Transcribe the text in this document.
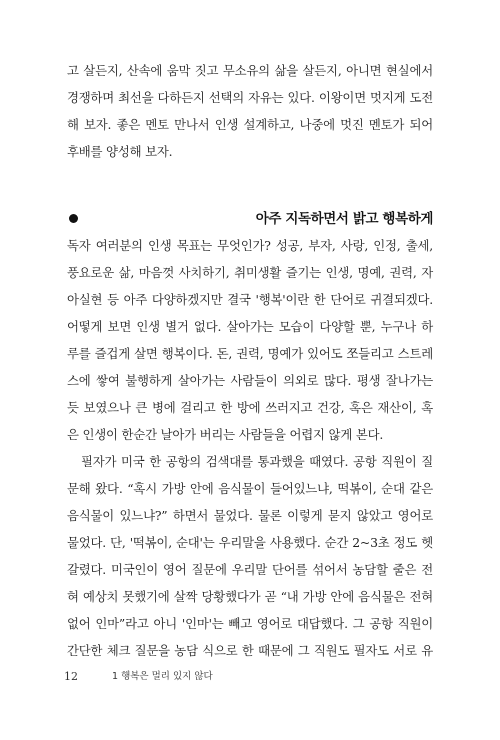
고 살든지, 산속에 움막 짓고 무소유의 삶을 살든지, 아니면 현실에서
경쟁하며 최선을 다하든지 선택의 자유는 있다. 이왕이면 멋지게 도전
해 보자. 좋은 멘토 만나서 인생 설계하고, 나중에 멋진 멘토가 되어
후배를 양성해 보자.
아주 지독하면서 밝고 행복하게
독자 여러분의 인생 목표는 무엇인가? 성공, 부자, 사랑, 인정, 출세,
풍요로운 삶, 마음껏 사치하기, 취미생활 즐기는 인생, 명예, 권력, 자
아실현 등 아주 다양하겠지만 결국 '행복'이란 한 단어로 귀결되겠다.
어떻게 보면 인생 별거 없다. 살아가는 모습이 다양할 뿐, 누구나 하
루를 즐겁게 살면 행복이다. 돈, 권력, 명예가 있어도 쪼들리고 스트레
스에 쌓여 불행하게 살아가는 사람들이 의외로 많다. 평생 잘나가는
듯 보였으나 큰 병에 걸리고 한 방에 쓰러지고 건강, 혹은 재산이, 혹
은 인생이 한순간 날아가 버리는 사람들을 어렵지 않게 본다.
필자가 미국 한 공항의 검색대를 통과했을 때였다. 공항 직원이 질
문해 왔다. “혹시 가방 안에 음식물이 들어있느냐, 떡볶이, 순대 같은
음식물이 있느냐?” 하면서 물었다. 물론 이렇게 묻지 않았고 영어로
물었다. 단, '떡볶이, 순대'는 우리말을 사용했다. 순간 2~3초 정도 헷
갈렸다. 미국인이 영어 질문에 우리말 단어를 섞어서 농담할 줄은 전
혀 예상치 못했기에 살짝 당황했다가 곧 “내 가방 안에 음식물은 전혀
없어 인마”라고 아니 '인마'는 빼고 영어로 대답했다. 그 공항 직원이
간단한 체크 질문을 농담 식으로 한 때문에 그 직원도 필자도 서로 유
12	1 행복은 멀리 있지 않다
